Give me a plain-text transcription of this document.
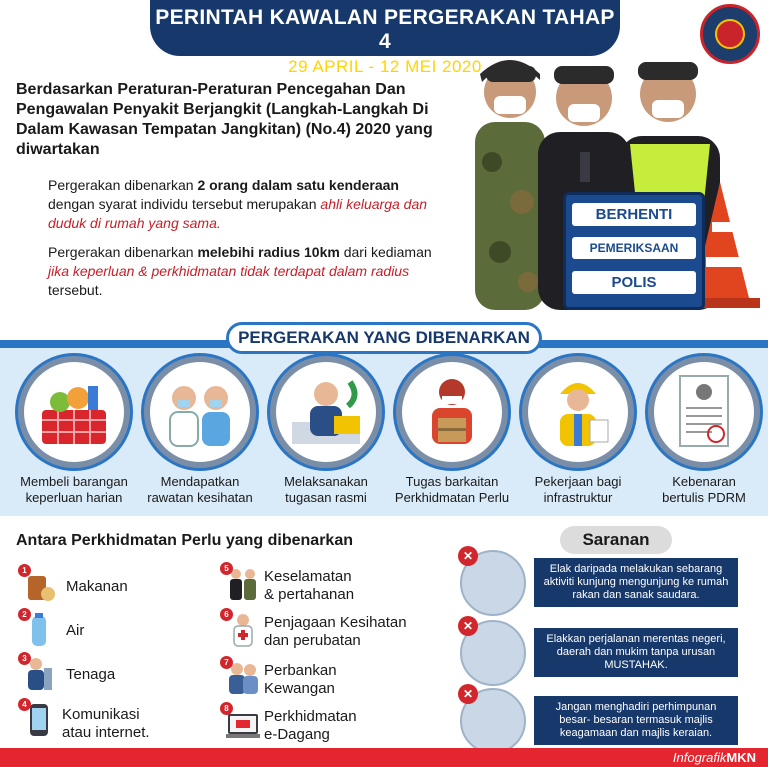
PERINTAH KAWALAN PERGERAKAN TAHAP 4
29 APRIL - 12 MEI 2020
Berdasarkan Peraturan-Peraturan Pencegahan Dan Pengawalan Penyakit Berjangkit (Langkah-Langkah Di Dalam Kawasan Tempatan Jangkitan) (No.4) 2020 yang diwartakan
Pergerakan dibenarkan 2 orang dalam satu kenderaan dengan syarat individu tersebut merupakan ahli keluarga dan duduk di rumah yang sama.
Pergerakan dibenarkan melebihi radius 10km dari kediaman jika keperluan & perkhidmatan tidak terdapat dalam radius tersebut.
BERHENTI
PEMERIKSAAN
POLIS
PERGERAKAN YANG DIBENARKAN
Membeli barangan
keperluan harian
Mendapatkan
rawatan kesihatan
Melaksanakan
tugasan rasmi
Tugas barkaitan
Perkhidmatan Perlu
Pekerjaan bagi
infrastruktur
Kebenaran
bertulis PDRM
Antara Perkhidmatan Perlu yang dibenarkan
1
Makanan
2
Air
3
Tenaga
4
Komunikasi
atau internet.
5 Keselamatan
& pertahanan
6 Penjagaan Kesihatan
dan perubatan
7 Perbankan
Kewangan
8 Perkhidmatan
e-Dagang
Saranan
✕
Elak daripada melakukan sebarang aktiviti kunjung mengunjung ke rumah rakan dan sanak saudara.
✕
Elakkan perjalanan merentas negeri, daerah dan mukim tanpa urusan MUSTAHAK.
✕
Jangan menghadiri perhimpunan besar- besaran termasuk majlis keagamaan dan majlis keraian.
InfografikMKN
